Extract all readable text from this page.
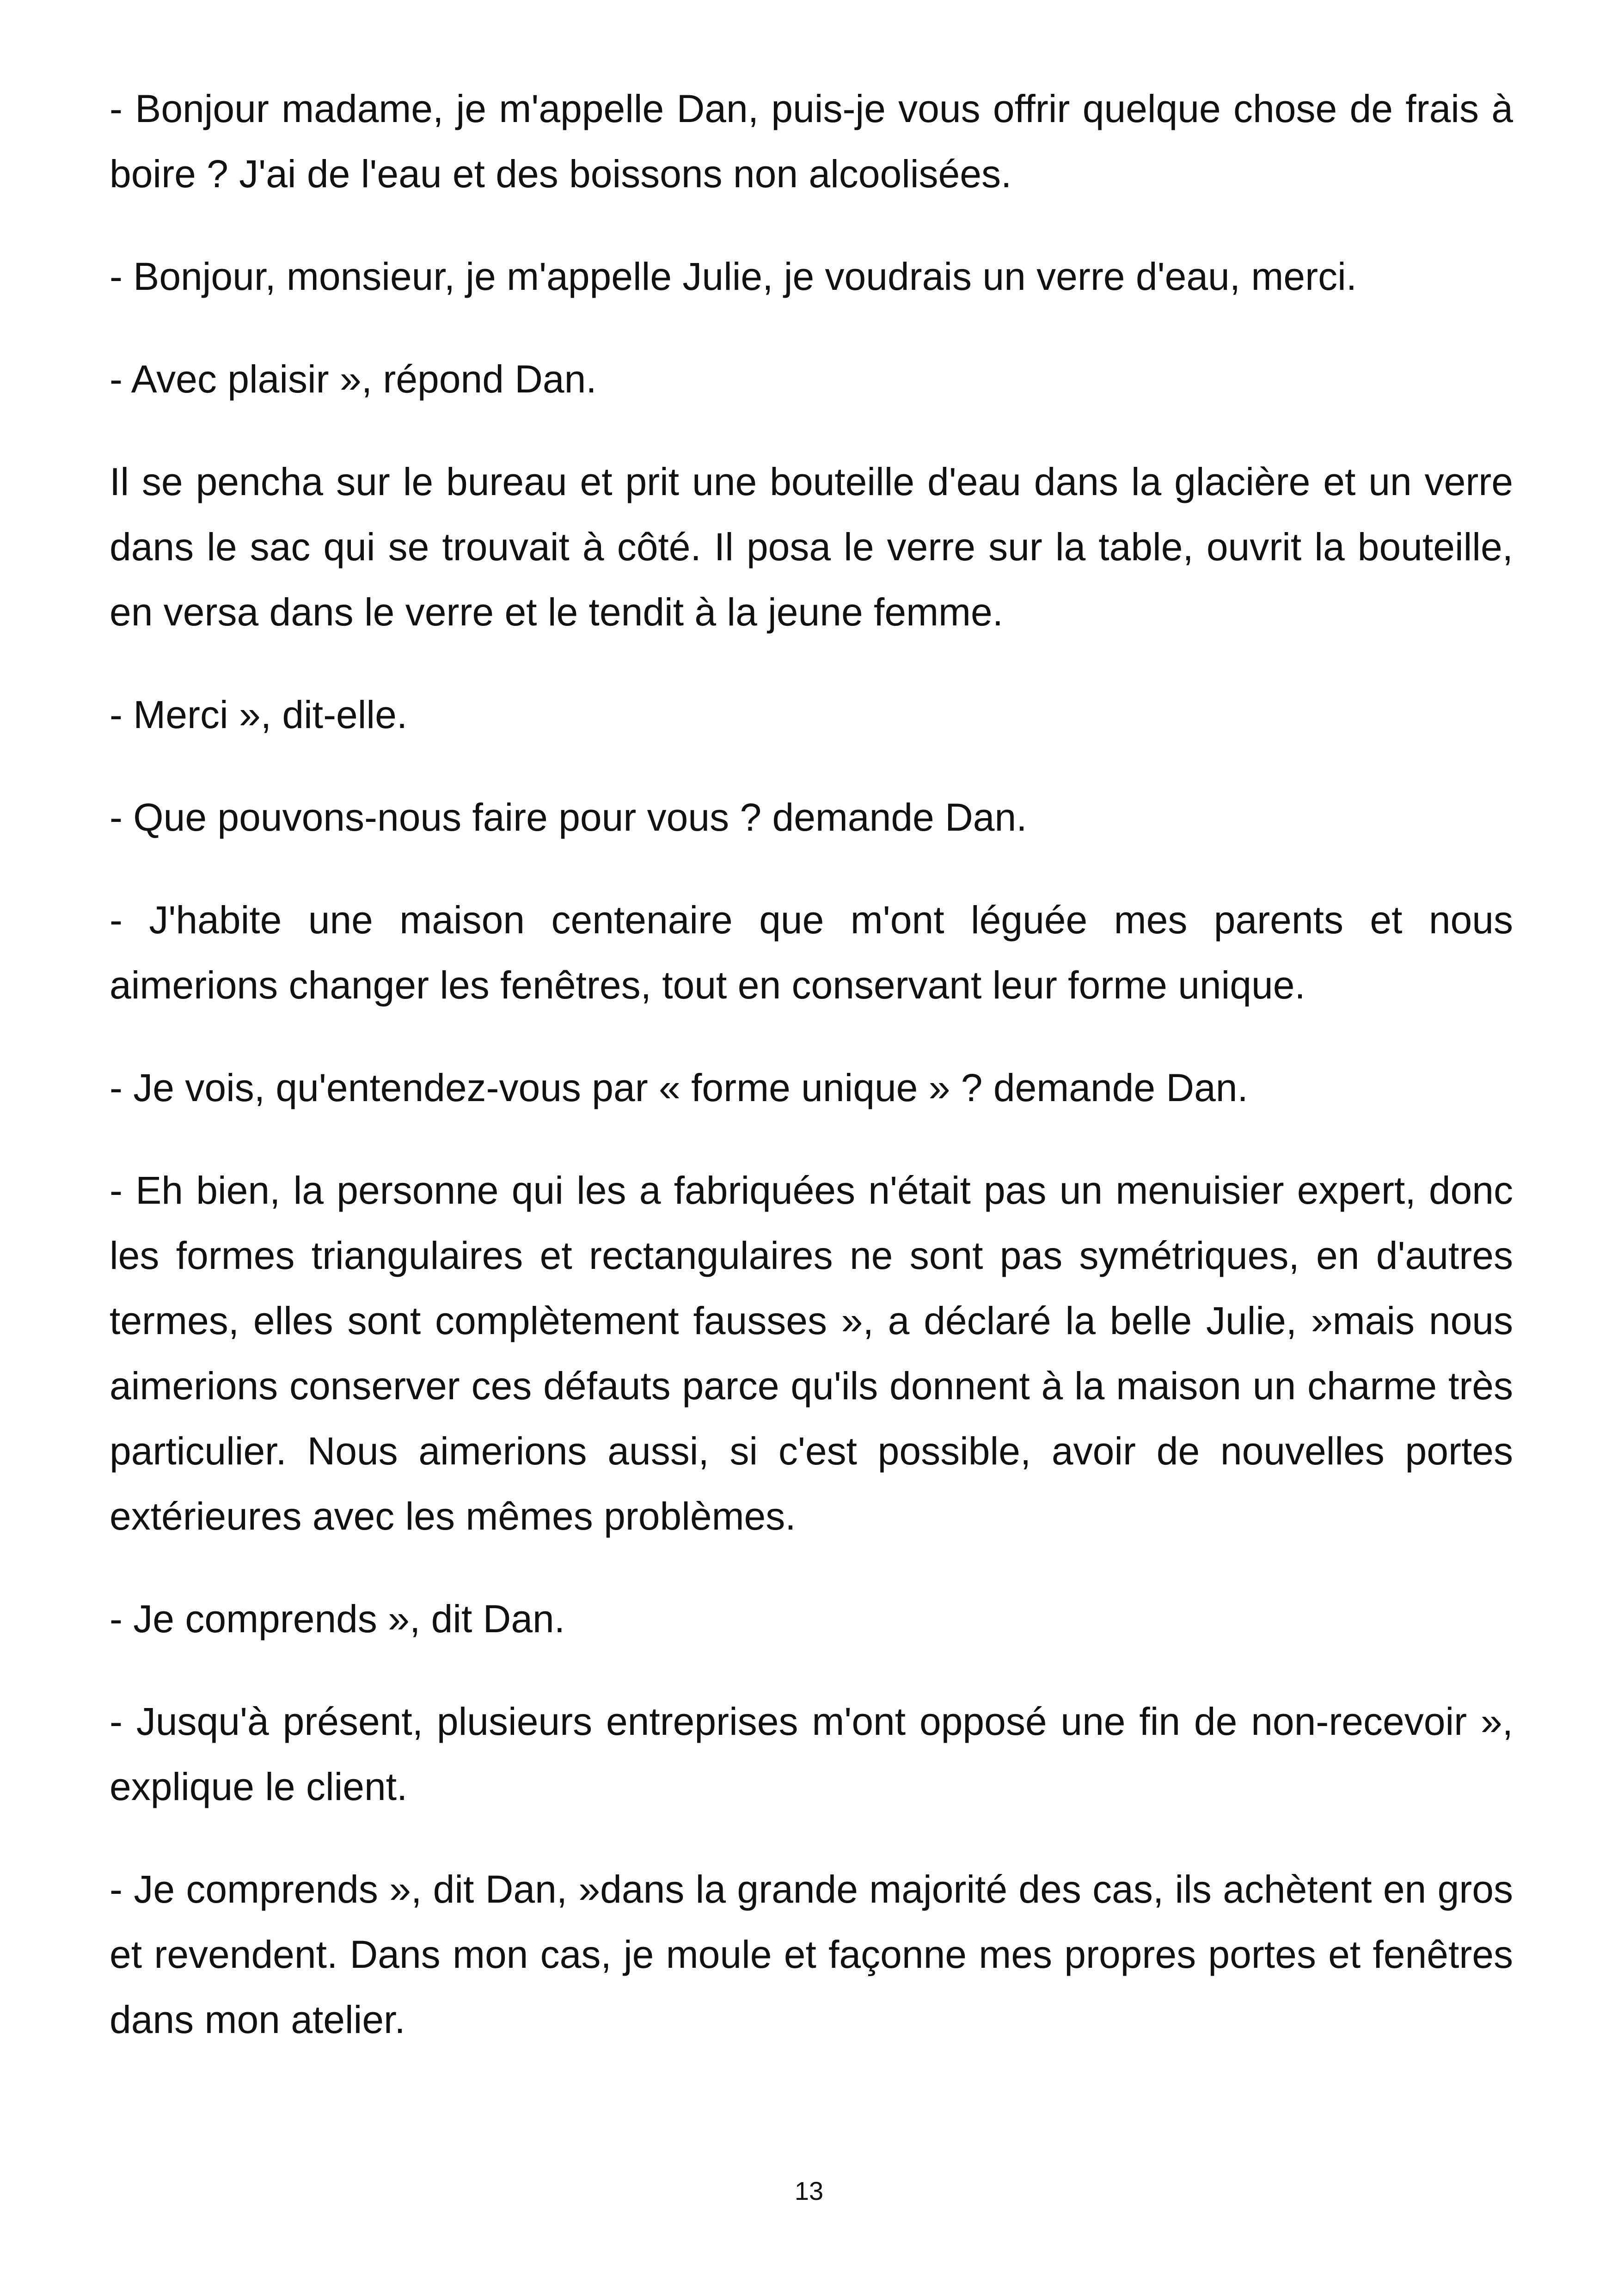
- Bonjour madame, je m'appelle Dan, puis-je vous offrir quelque chose de frais à boire ? J'ai de l'eau et des boissons non alcoolisées.

- Bonjour, monsieur, je m'appelle Julie, je voudrais un verre d'eau, merci.

- Avec plaisir », répond Dan.

Il se pencha sur le bureau et prit une bouteille d'eau dans la glacière et un verre dans le sac qui se trouvait à côté. Il posa le verre sur la table, ouvrit la bouteille, en versa dans le verre et le tendit à la jeune femme.

- Merci », dit-elle.

- Que pouvons-nous faire pour vous ? demande Dan.

- J'habite une maison centenaire que m'ont léguée mes parents et nous aimerions changer les fenêtres, tout en conservant leur forme unique.

- Je vois, qu'entendez-vous par « forme unique » ? demande Dan.

- Eh bien, la personne qui les a fabriquées n'était pas un menuisier expert, donc les formes triangulaires et rectangulaires ne sont pas symétriques, en d'autres termes, elles sont complètement fausses », a déclaré la belle Julie, »mais nous aimerions conserver ces défauts parce qu'ils donnent à la maison un charme très particulier. Nous aimerions aussi, si c'est possible, avoir de nouvelles portes extérieures avec les mêmes problèmes.

- Je comprends », dit Dan.

- Jusqu'à présent, plusieurs entreprises m'ont opposé une fin de non-recevoir », explique le client.

- Je comprends », dit Dan, »dans la grande majorité des cas, ils achètent en gros et revendent. Dans mon cas, je moule et façonne mes propres portes et fenêtres dans mon atelier.

13
